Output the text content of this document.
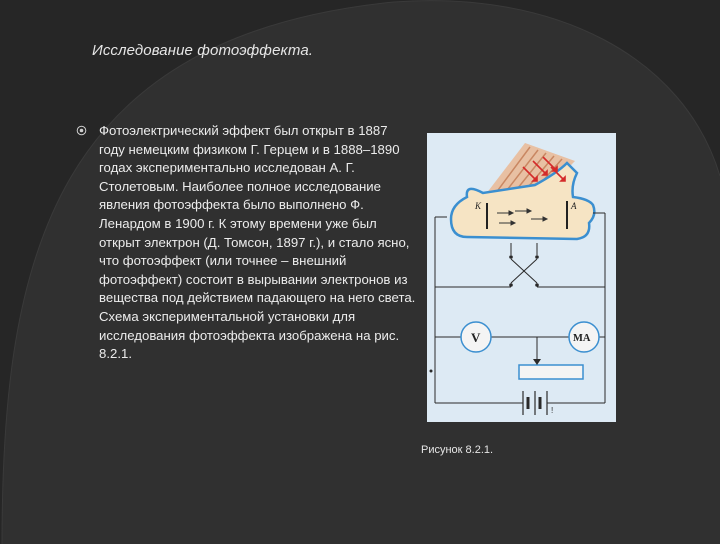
Исследование фотоэффекта.

Фотоэлектрический эффект был открыт в 1887 году немецким физиком Г. Герцем и в 1888–1890 годах экспериментально исследован А. Г. Столетовым. Наиболее полное исследование явления фотоэффекта было выполнено Ф. Ленардом в 1900 г. К этому времени уже был открыт электрон (Д. Томсон, 1897 г.), и стало ясно, что фотоэффект (или точнее – внешний фотоэффект) состоит в вырывании электронов из вещества под действием падающего на него света. Схема экспериментальной установки для исследования фотоэффекта изображена на рис. 8.2.1.

K	A
V	MA
!
Рисунок 8.2.1.
